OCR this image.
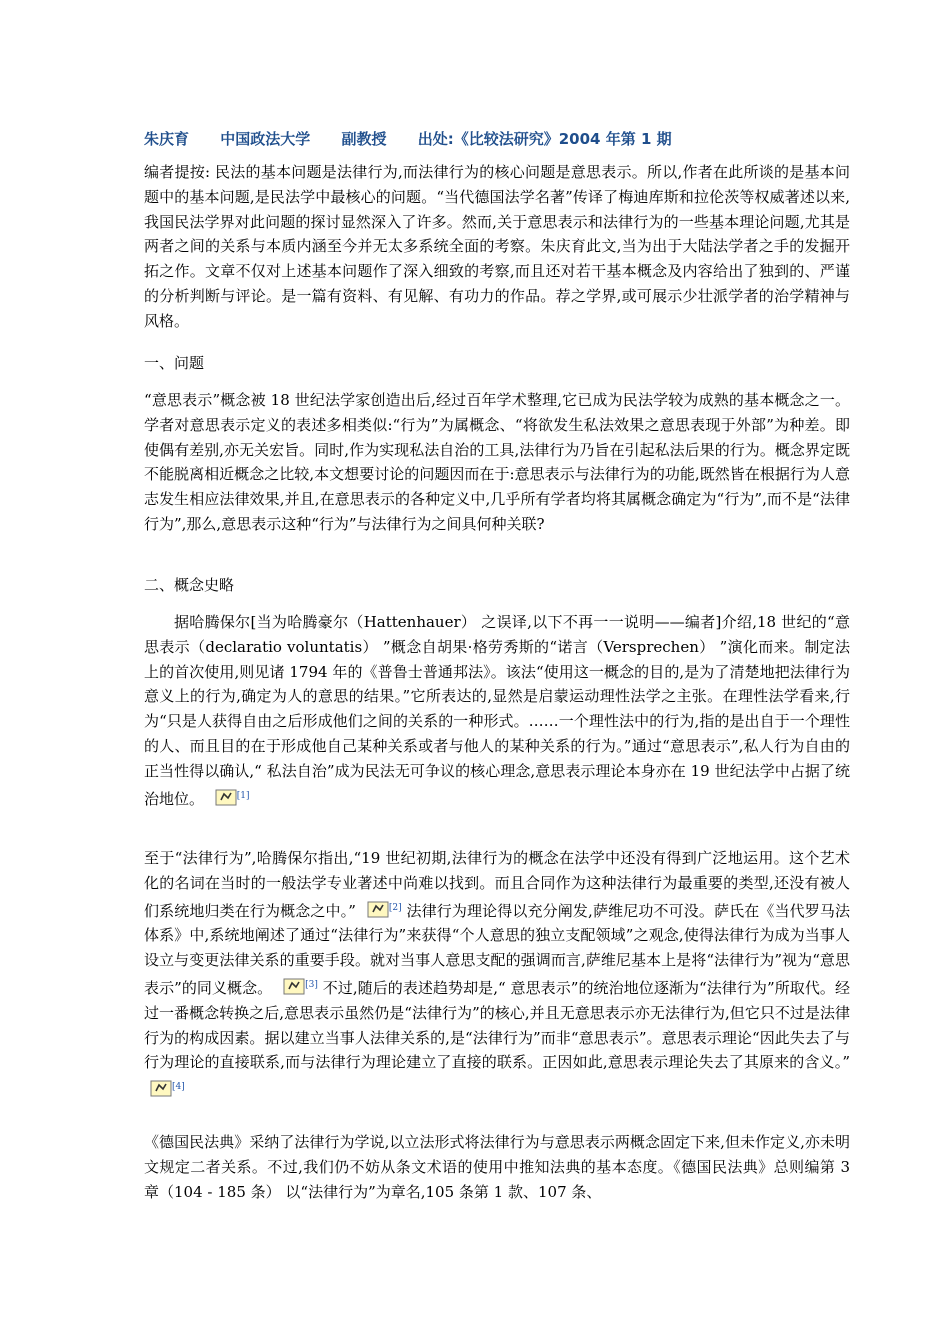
朱庆育 中国政法大学 副教授 出处:《比较法研究》2004 年第 1 期
编者提按: 民法的基本问题是法律行为,而法律行为的核心问题是意思表示。所以,作者在此所谈的是基本问题中的基本问题,是民法学中最核心的问题。“当代德国法学名著”传译了梅迪库斯和拉伦茨等权威著述以来,我国民法学界对此问题的探讨显然深入了许多。然而,关于意思表示和法律行为的一些基本理论问题,尤其是两者之间的关系与本质内涵至今并无太多系统全面的考察。朱庆育此文,当为出于大陆法学者之手的发掘开拓之作。文章不仅对上述基本问题作了深入细致的考察,而且还对若干基本概念及内容给出了独到的、严谨的分析判断与评论。是一篇有资料、有见解、有功力的作品。荐之学界,或可展示少壮派学者的治学精神与风格。
一、问题
“意思表示”概念被 18 世纪法学家创造出后,经过百年学术整理,它已成为民法学较为成熟的基本概念之一。学者对意思表示定义的表述多相类似:“行为”为属概念、“将欲发生私法效果之意思表现于外部”为种差。即使偶有差别,亦无关宏旨。同时,作为实现私法自治的工具,法律行为乃旨在引起私法后果的行为。概念界定既不能脱离相近概念之比较,本文想要讨论的问题因而在于:意思表示与法律行为的功能,既然皆在根据行为人意志发生相应法律效果,并且,在意思表示的各种定义中,几乎所有学者均将其属概念确定为“行为”,而不是“法律行为”,那么,意思表示这种“行为”与法律行为之间具何种关联?
二、概念史略
据哈腾保尔[当为哈腾豪尔（Hattenhauer） 之误译,以下不再一一说明——编者]介绍,18 世纪的“意思表示（declaratio voluntatis） ”概念自胡果·格劳秀斯的“诺言（Versprechen） ”演化而来。制定法上的首次使用,则见诸 1794 年的《普鲁士普通邦法》。该法“使用这一概念的目的,是为了清楚地把法律行为意义上的行为,确定为人的意思的结果。”它所表达的,显然是启蒙运动理性法学之主张。在理性法学看来,行为“只是人获得自由之后形成他们之间的关系的一种形式。……一个理性法中的行为,指的是出自于一个理性的人、而且目的在于形成他自己某种关系或者与他人的某种关系的行为。”通过“意思表示”,私人行为自由的正当性得以确认,“ 私法自治”成为民法无可争议的核心理念,意思表示理论本身亦在 19 世纪法学中占据了统治地位。	[1]
至于“法律行为”,哈腾保尔指出,“19 世纪初期,法律行为的概念在法学中还没有得到广泛地运用。这个艺术化的名词在当时的一般法学专业著述中尚难以找到。而且合同作为这种法律行为最重要的类型,还没有被人们系统地归类在行为概念之中。”	[2] 法律行为理论得以充分阐发,萨维尼功不可没。萨氏在《当代罗马法体系》中,系统地阐述了通过“法律行为”来获得“个人意思的独立支配领域”之观念,使得法律行为成为当事人设立与变更法律关系的重要手段。就对当事人意思支配的强调而言,萨维尼基本上是将“法律行为”视为“意思表示”的同义概念。	[3] 不过,随后的表述趋势却是,“ 意思表示”的统治地位逐渐为“法律行为”所取代。经过一番概念转换之后,意思表示虽然仍是“法律行为”的核心,并且无意思表示亦无法律行为,但它只不过是法律行为的构成因素。据以建立当事人法律关系的,是“法律行为”而非“意思表示”。意思表示理论“因此失去了与行为理论的直接联系,而与法律行为理论建立了直接的联系。正因如此,意思表示理论失去了其原来的含义。” [4]
《德国民法典》采纳了法律行为学说,以立法形式将法律行为与意思表示两概念固定下来,但未作定义,亦未明文规定二者关系。不过,我们仍不妨从条文术语的使用中推知法典的基本态度。《德国民法典》总则编第 3 章（104 - 185 条） 以“法律行为”为章名,105 条第 1 款、107 条、
